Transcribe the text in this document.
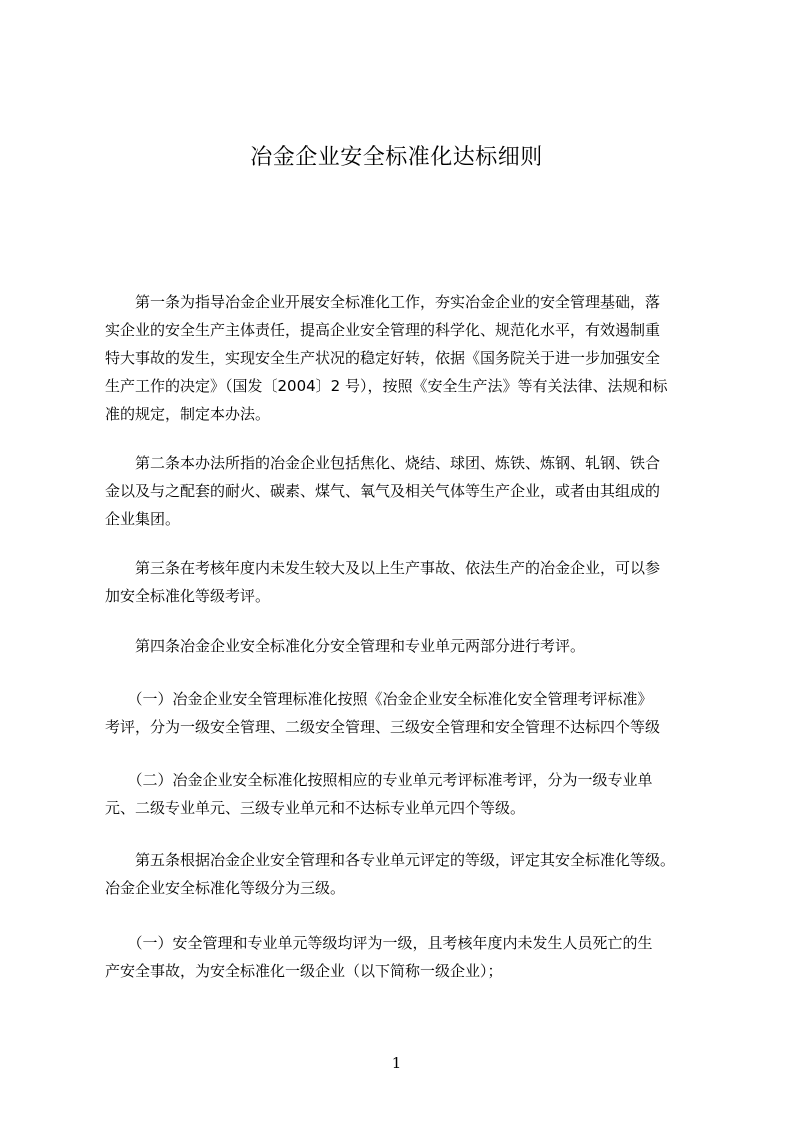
冶金企业安全标准化达标细则

　　第一条为指导冶金企业开展安全标准化工作，夯实冶金企业的安全管理基础，落
实企业的安全生产主体责任，提高企业安全管理的科学化、规范化水平，有效遏制重
特大事故的发生，实现安全生产状况的稳定好转，依据《国务院关于进一步加强安全
生产工作的决定》（国发〔2004〕2 号），按照《安全生产法》等有关法律、法规和标
准的规定，制定本办法。

　　第二条本办法所指的冶金企业包括焦化、烧结、球团、炼铁、炼钢、轧钢、铁合
金以及与之配套的耐火、碳素、煤气、氧气及相关气体等生产企业，或者由其组成的
企业集团。

　　第三条在考核年度内未发生较大及以上生产事故、依法生产的冶金企业，可以参
加安全标准化等级考评。

　　第四条冶金企业安全标准化分安全管理和专业单元两部分进行考评。

　　（一）冶金企业安全管理标准化按照《冶金企业安全标准化安全管理考评标准》
考评，分为一级安全管理、二级安全管理、三级安全管理和安全管理不达标四个等级

　　（二）冶金企业安全标准化按照相应的专业单元考评标准考评，分为一级专业单
元、二级专业单元、三级专业单元和不达标专业单元四个等级。

　　第五条根据冶金企业安全管理和各专业单元评定的等级，评定其安全标准化等级。
冶金企业安全标准化等级分为三级。

　　（一）安全管理和专业单元等级均评为一级，且考核年度内未发生人员死亡的生
产安全事故，为安全标准化一级企业（以下简称一级企业）；

1
